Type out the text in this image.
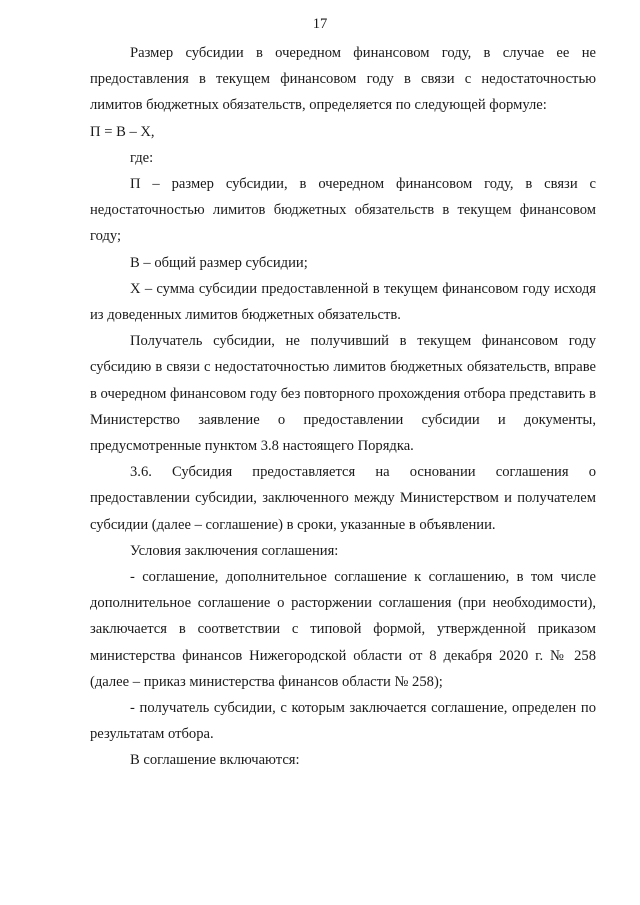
17

Размер субсидии в очередном финансовом году, в случае ее не предоставления в текущем финансовом году в связи с недостаточностью лимитов бюджетных обязательств, определяется по следующей формуле:

П = В – Х,

где:

П – размер субсидии, в очередном финансовом году, в связи с недостаточностью лимитов бюджетных обязательств в текущем финансовом году;

В – общий размер субсидии;

Х – сумма субсидии предоставленной в текущем финансовом году исходя из доведенных лимитов бюджетных обязательств.

Получатель субсидии, не получивший в текущем финансовом году субсидию в связи с недостаточностью лимитов бюджетных обязательств, вправе в очередном финансовом году без повторного прохождения отбора представить в Министерство заявление о предоставлении субсидии и документы, предусмотренные пунктом 3.8 настоящего Порядка.

3.6. Субсидия предоставляется на основании соглашения о предоставлении субсидии, заключенного между Министерством и получателем субсидии (далее – соглашение) в сроки, указанные в объявлении.

Условия заключения соглашения:

- соглашение, дополнительное соглашение к соглашению, в том числе дополнительное соглашение о расторжении соглашения (при необходимости), заключается в соответствии с типовой формой, утвержденной приказом министерства финансов Нижегородской области от 8 декабря 2020 г. № 258 (далее – приказ министерства финансов области № 258);

- получатель субсидии, с которым заключается соглашение, определен по результатам отбора.

В соглашение включаются:
